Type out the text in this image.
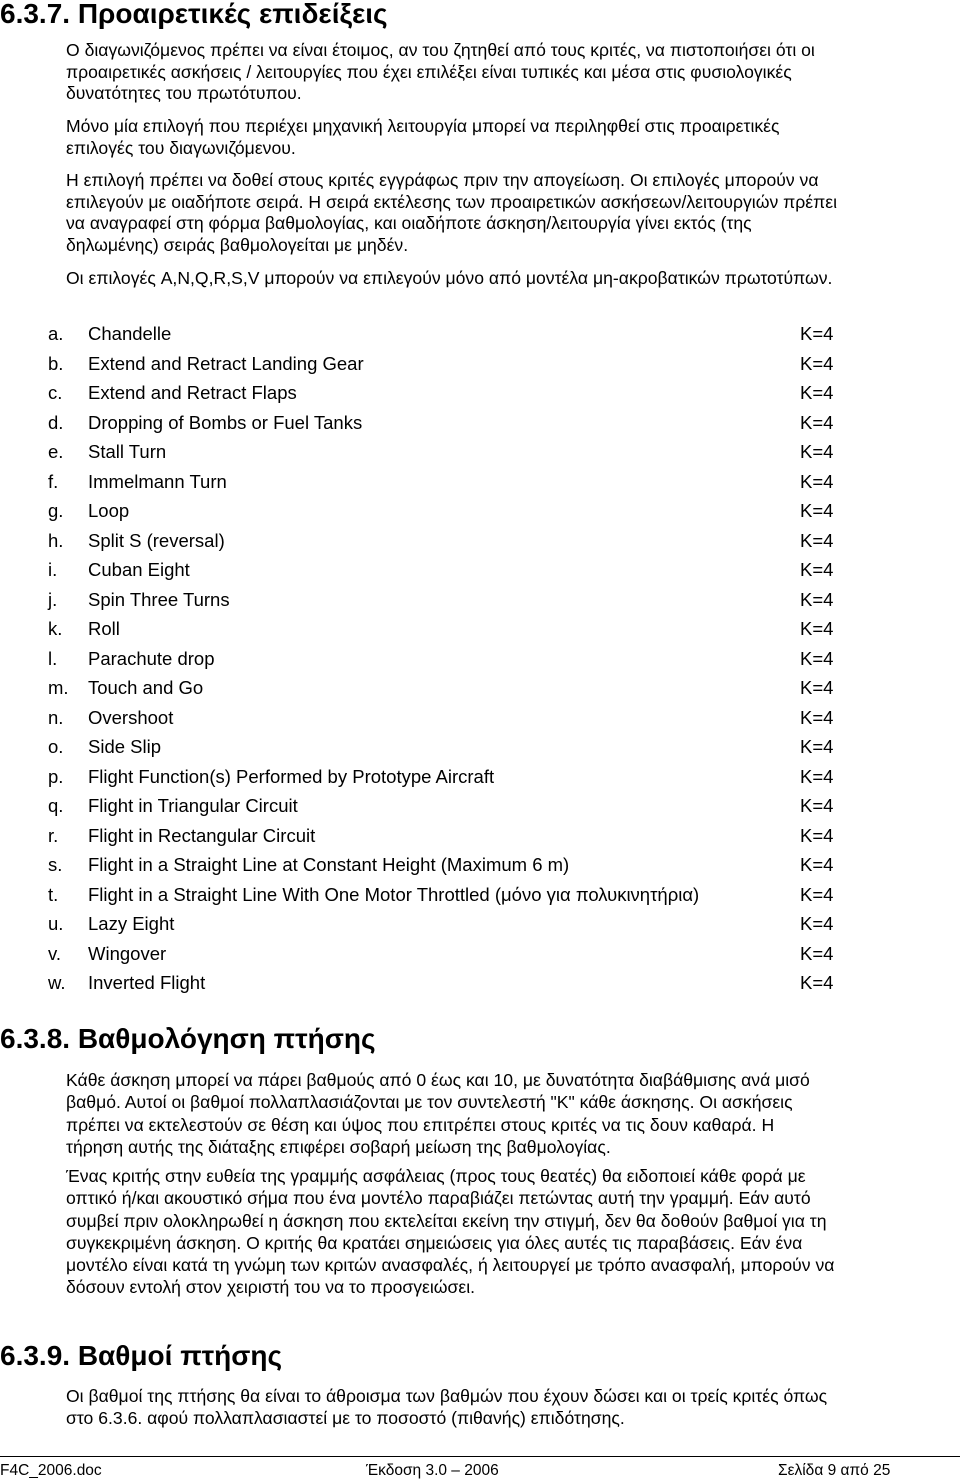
6.3.7. Προαιρετικές επιδείξεις

Ο διαγωνιζόμενος πρέπει να είναι έτοιμος, αν του ζητηθεί από τους κριτές, να πιστοποιήσει ότι οι
προαιρετικές ασκήσεις / λειτουργίες που έχει επιλέξει είναι τυπικές και μέσα στις φυσιολογικές
δυνατότητες του πρωτότυπου.

Μόνο μία επιλογή που περιέχει μηχανική λειτουργία μπορεί να περιληφθεί στις προαιρετικές
επιλογές του διαγωνιζόμενου.

Η επιλογή πρέπει να δοθεί στους κριτές εγγράφως πριν την απογείωση. Οι επιλογές μπορούν να
επιλεγούν με οιαδήποτε σειρά. Η σειρά εκτέλεσης των προαιρετικών ασκήσεων/λειτουργιών πρέπει
να αναγραφεί στη φόρμα βαθμολογίας, και οιαδήποτε άσκηση/λειτουργία γίνει εκτός (της
δηλωμένης) σειράς βαθμολογείται με μηδέν.

Οι επιλογές A,N,Q,R,S,V μπορούν να επιλεγούν μόνο από μοντέλα μη-ακροβατικών πρωτοτύπων.

a. Chandelle	K=4
b. Extend and Retract Landing Gear	K=4
c. Extend and Retract Flaps	K=4
d. Dropping of Bombs or Fuel Tanks	K=4
e. Stall Turn	K=4
f. Immelmann Turn	K=4
g. Loop	K=4
h. Split S (reversal)	K=4
i. Cuban Eight	K=4
j. Spin Three Turns	K=4
k. Roll	K=4
l. Parachute drop	K=4
m. Touch and Go	K=4
n. Overshoot	K=4
o. Side Slip	K=4
p. Flight Function(s) Performed by Prototype Aircraft	K=4
q. Flight in Triangular Circuit	K=4
r. Flight in Rectangular Circuit	K=4
s. Flight in a Straight Line at Constant Height (Maximum 6 m)	K=4
t. Flight in a Straight Line With One Motor Throttled (μόνο για πολυκινητήρια)	K=4
u. Lazy Eight	K=4
v. Wingover	K=4
w. Inverted Flight	K=4
6.3.8. Βαθμολόγηση πτήσης

Κάθε άσκηση μπορεί να πάρει βαθμούς από 0 έως και 10, με δυνατότητα διαβάθμισης ανά μισό
βαθμό. Αυτοί οι βαθμοί πολλαπλασιάζονται με τον συντελεστή "K" κάθε άσκησης. Οι ασκήσεις
πρέπει να εκτελεστούν σε θέση και ύψος που επιτρέπει στους κριτές να τις δουν καθαρά. Η
τήρηση αυτής της διάταξης επιφέρει σοβαρή μείωση της βαθμολογίας.

Ένας κριτής στην ευθεία της γραμμής ασφάλειας (προς τους θεατές) θα ειδοποιεί κάθε φορά με
οπτικό ή/και ακουστικό σήμα που ένα μοντέλο παραβιάζει πετώντας αυτή την γραμμή. Εάν αυτό
συμβεί πριν ολοκληρωθεί η άσκηση που εκτελείται εκείνη την στιγμή, δεν θα δοθούν βαθμοί για τη
συγκεκριμένη άσκηση. Ο κριτής θα κρατάει σημειώσεις για όλες αυτές τις παραβάσεις. Εάν ένα
μοντέλο είναι κατά τη γνώμη των κριτών ανασφαλές, ή λειτουργεί με τρόπο ανασφαλή, μπορούν να
δόσουν εντολή στον χειριστή του να το προσγειώσει.

6.3.9. Βαθμοί πτήσης

Οι βαθμοί της πτήσης θα είναι το άθροισμα των βαθμών που έχουν δώσει και οι τρείς κριτές όπως
στο 6.3.6. αφού πολλαπλασιαστεί με το ποσοστό (πιθανής) επιδότησης.

F4C_2006.doc	Έκδοση 3.0 – 2006	Σελίδα 9 από 25
